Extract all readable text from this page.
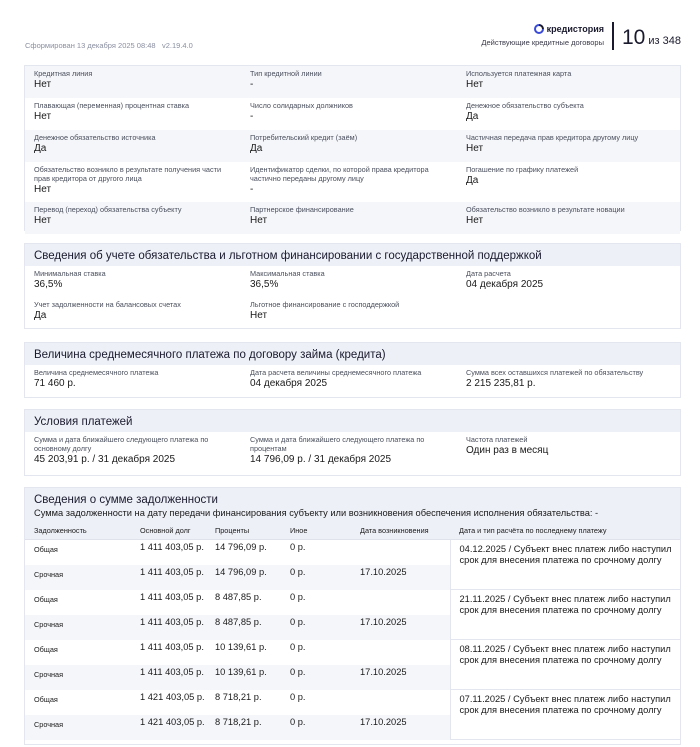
Сформирован 13 декабря 2025 08:48 v2.19.4.0
кредистория
Действующие кредитные договоры 10 из 348
Кредитная линия
Нет
Тип кредитной линии
-
Используется платежная карта
Нет
Плавающая (переменная) процентная ставка
Нет
Число солидарных должников
-
Денежное обязательство субъекта
Да
Денежное обязательство источника
Да
Потребительский кредит (заём)
Да
Частичная передача прав кредитора другому лицу
Нет
Обязательство возникло в результате получения части прав кредитора от другого лица
Нет
Идентификатор сделки, по которой права кредитора частично переданы другому лицу
-
Погашение по графику платежей
Да
Перевод (переход) обязательства субъекту
Нет
Партнерское финансирование
Нет
Обязательство возникло в результате новации
Нет
Сведения об учете обязательства и льготном финансировании с государственной поддержкой
Минимальная ставка
36,5%
Максимальная ставка
36,5%
Дата расчета
04 декабря 2025
Учет задолженности на балансовых счетах
Да
Льготное финансирование с господдержкой
Нет
Величина среднемесячного платежа по договору займа (кредита)
Величина среднемесячного платежа
71 460 р.
Дата расчета величины среднемесячного платежа
04 декабря 2025
Сумма всех оставшихся платежей по обязательству
2 215 235,81 р.
Условия платежей
Сумма и дата ближайшего следующего платежа по основному долгу
45 203,91 р. / 31 декабря 2025
Сумма и дата ближайшего следующего платежа по процентам
14 796,09 р. / 31 декабря 2025
Частота платежей
Один раз в месяц
Сведения о сумме задолженности
Сумма задолженности на дату передачи финансирования субъекту или возникновения обеспечения исполнения обязательства: -
Задолженность	Основной долг	Проценты	Иное	Дата возникновения	Дата и тип расчёта по последнему платежу
Общая	1 411 403,05 р.	14 796,09 р.	0 р.		04.12.2025 / Субъект внес платеж либо наступил срок для внесения платежа по срочному долгу
Срочная	1 411 403,05 р.	14 796,09 р.	0 р.	17.10.2025	
Общая	1 411 403,05 р.	8 487,85 р.	0 р.		21.11.2025 / Субъект внес платеж либо наступил срок для внесения платежа по срочному долгу
Срочная	1 411 403,05 р.	8 487,85 р.	0 р.	17.10.2025	
Общая	1 411 403,05 р.	10 139,61 р.	0 р.		08.11.2025 / Субъект внес платеж либо наступил срок для внесения платежа по срочному долгу
Срочная	1 411 403,05 р.	10 139,61 р.	0 р.	17.10.2025	
Общая	1 421 403,05 р.	8 718,21 р.	0 р.		07.11.2025 / Субъект внес платеж либо наступил срок для внесения платежа по срочному долгу
Срочная	1 421 403,05 р.	8 718,21 р.	0 р.	17.10.2025	
